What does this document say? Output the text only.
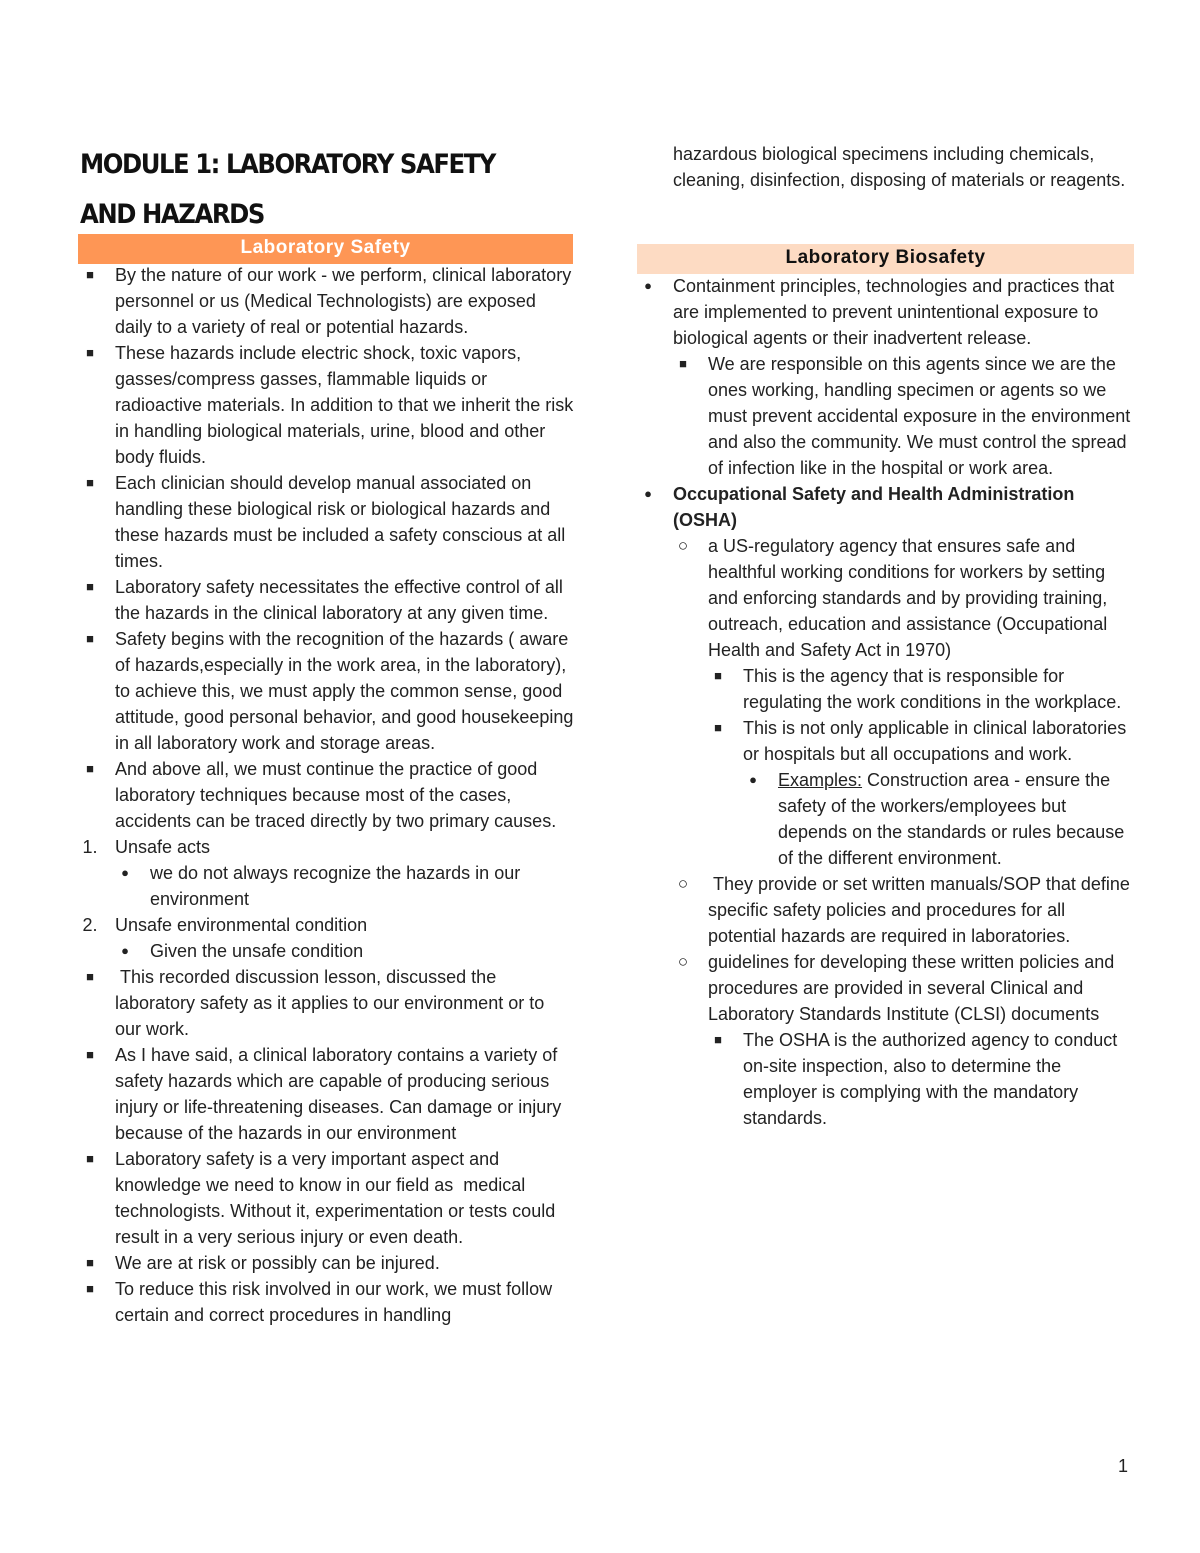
MODULE 1: LABORATORY SAFETY AND HAZARDS
Laboratory Safety	Laboratory Biosafety
■	By the nature of our work - we perform, clinical laboratory personnel or us (Medical Technologists) are exposed daily to a variety of real or potential hazards.
■	These hazards include electric shock, toxic vapors, gasses/compress gasses, flammable liquids or radioactive materials. In addition to that we inherit the risk in handling biological materials, urine, blood and other body fluids.
■	Each clinician should develop manual associated on handling these biological risk or biological hazards and these hazards must be included a safety conscious at all times.
■	Laboratory safety necessitates the effective control of all the hazards in the clinical laboratory at any given time.
■	Safety begins with the recognition of the hazards ( aware of hazards,especially in the work area, in the laboratory), to achieve this, we must apply the common sense, good attitude, good personal behavior, and good housekeeping in all laboratory work and storage areas.
■	And above all, we must continue the practice of good laboratory techniques because most of the cases, accidents can be traced directly by two primary causes.
1. Unsafe acts
●	we do not always recognize the hazards in our environment
2. Unsafe environmental condition
●	Given the unsafe condition
■	This recorded discussion lesson, discussed the laboratory safety as it applies to our environment or to our work.
■	As I have said, a clinical laboratory contains a variety of safety hazards which are capable of producing serious injury or life-threatening diseases. Can damage or injury because of the hazards in our environment
■	Laboratory safety is a very important aspect and knowledge we need to know in our field as  medical technologists. Without it, experimentation or tests could result in a very serious injury or even death.
■	We are at risk or possibly can be injured.
■	To reduce this risk involved in our work, we must follow certain and correct procedures in handling
hazardous biological specimens including chemicals, cleaning, disinfection, disposing of materials or reagents.
●	Containment principles, technologies and practices that are implemented to prevent unintentional exposure to biological agents or their inadvertent release.
■	We are responsible on this agents since we are the ones working, handling specimen or agents so we must prevent accidental exposure in the environment and also the community. We must control the spread of infection like in the hospital or work area.
●	Occupational Safety and Health Administration (OSHA)
○ a US-regulatory agency that ensures safe and healthful working conditions for workers by setting and enforcing standards and by providing training, outreach, education and assistance (Occupational Health and Safety Act in 1970)
■	This is the agency that is responsible for regulating the work conditions in the workplace.
■	This is not only applicable in clinical laboratories or hospitals but all occupations and work.
●	Examples: Construction area - ensure the safety of the workers/employees but depends on the standards or rules because of the different environment.
○ They provide or set written manuals/SOP that define specific safety policies and procedures for all potential hazards are required in laboratories.
○ guidelines for developing these written policies and procedures are provided in several Clinical and Laboratory Standards Institute (CLSI) documents
■	The OSHA is the authorized agency to conduct on-site inspection, also to determine the employer is complying with the mandatory standards.
1
